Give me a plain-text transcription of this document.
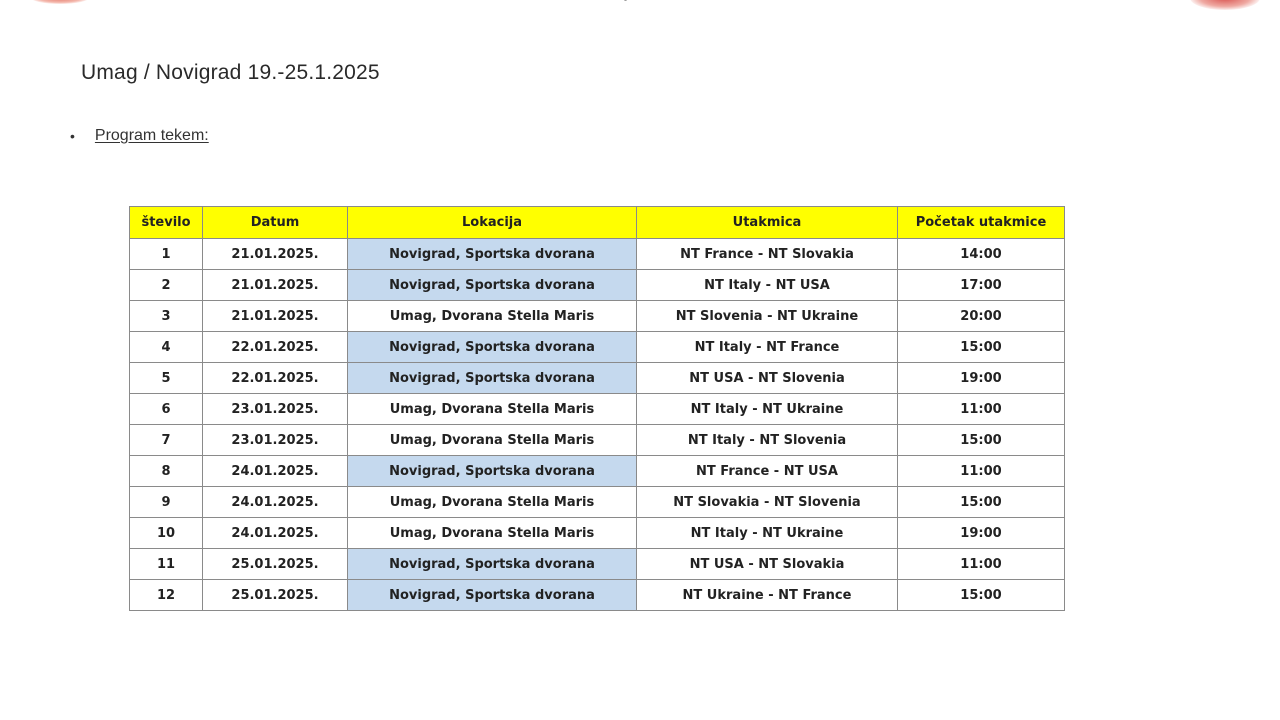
Umag / Novigrad 19.-25.1.2025
• Program tekem:
število	Datum	Lokacija	Utakmica	Početak utakmice
1	21.01.2025.	Novigrad, Sportska dvorana	NT France - NT Slovakia	14:00
2	21.01.2025.	Novigrad, Sportska dvorana	NT Italy - NT USA	17:00
3	21.01.2025.	Umag, Dvorana Stella Maris	NT Slovenia - NT Ukraine	20:00
4	22.01.2025.	Novigrad, Sportska dvorana	NT Italy - NT France	15:00
5	22.01.2025.	Novigrad, Sportska dvorana	NT USA - NT Slovenia	19:00
6	23.01.2025.	Umag, Dvorana Stella Maris	NT Italy - NT Ukraine	11:00
7	23.01.2025.	Umag, Dvorana Stella Maris	NT Italy - NT Slovenia	15:00
8	24.01.2025.	Novigrad, Sportska dvorana	NT France - NT USA	11:00
9	24.01.2025.	Umag, Dvorana Stella Maris	NT Slovakia - NT Slovenia	15:00
10	24.01.2025.	Umag, Dvorana Stella Maris	NT Italy - NT Ukraine	19:00
11	25.01.2025.	Novigrad, Sportska dvorana	NT USA - NT Slovakia	11:00
12	25.01.2025.	Novigrad, Sportska dvorana	NT Ukraine - NT France	15:00
